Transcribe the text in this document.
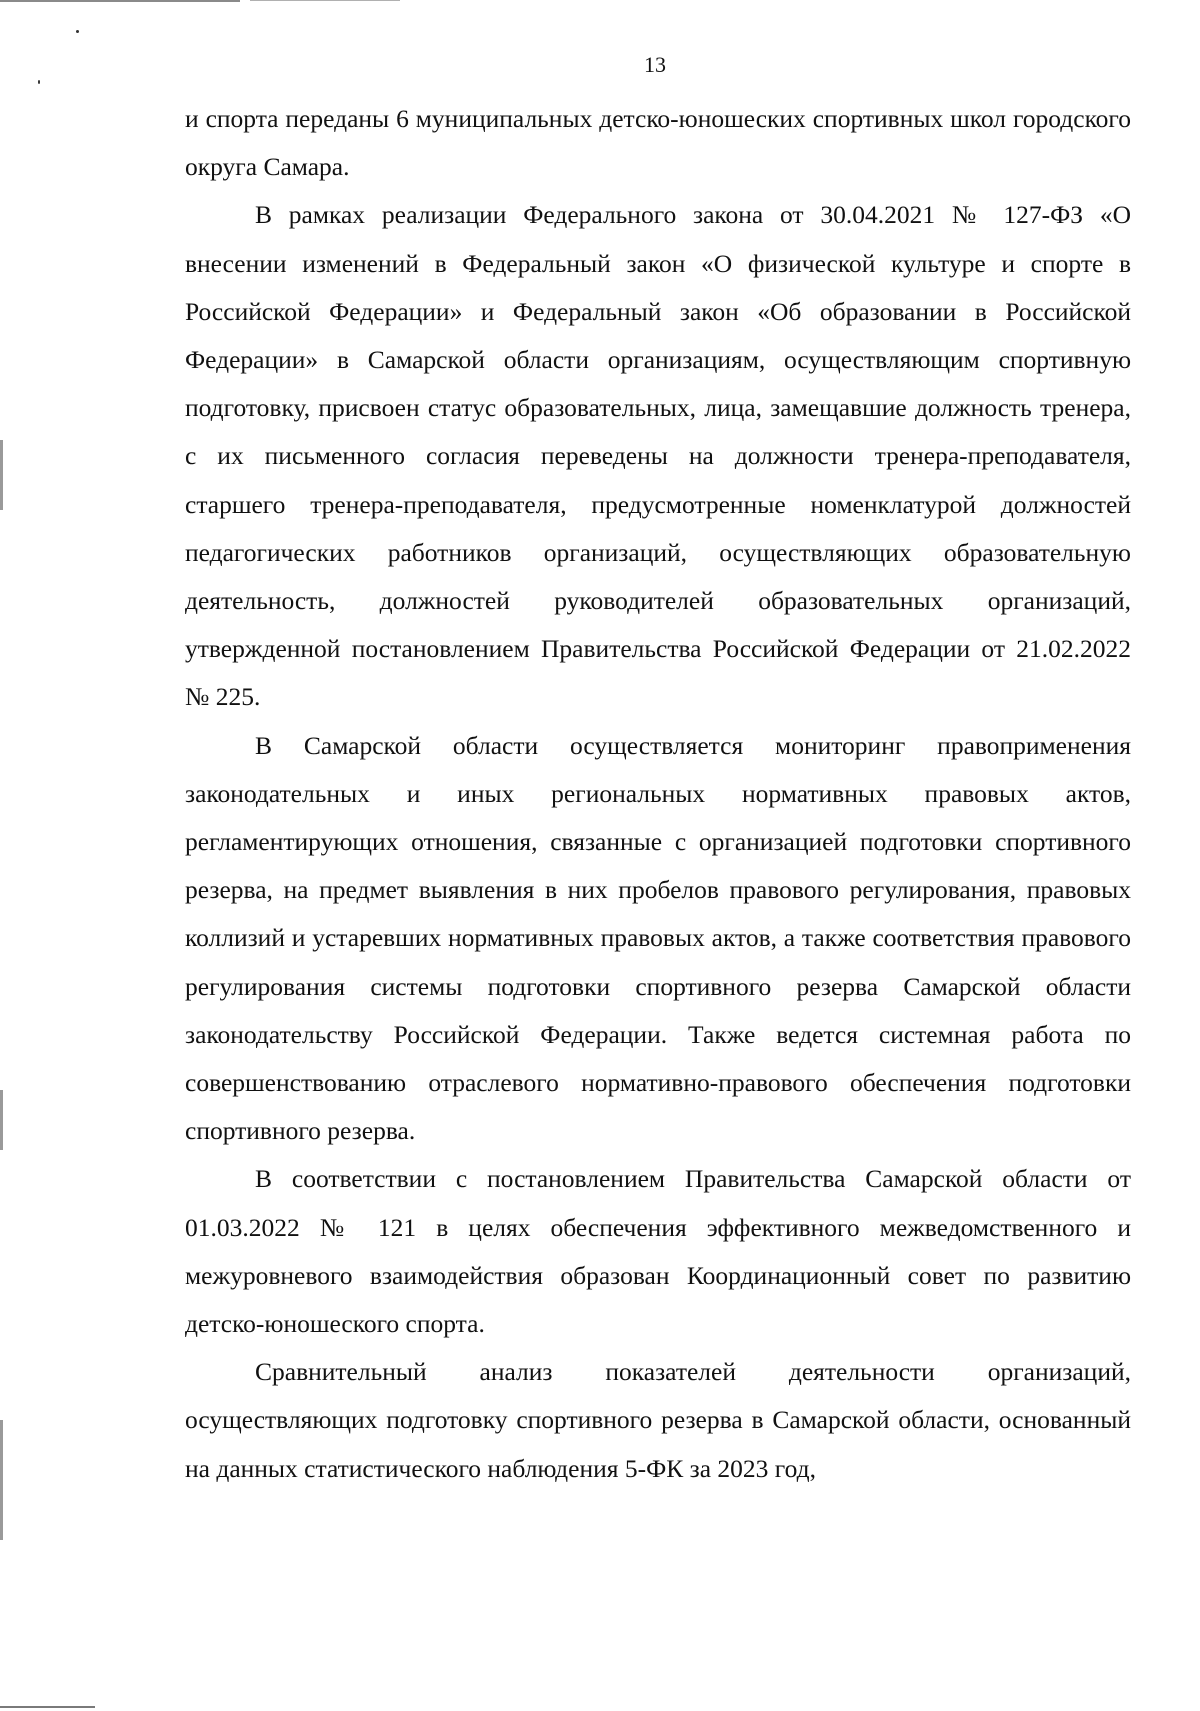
13

и спорта переданы 6 муниципальных детско-юношеских спортивных школ городского округа Самара.

В рамках реализации Федерального закона от 30.04.2021 № 127-ФЗ «О внесении изменений в Федеральный закон «О физической культуре и спорте в Российской Федерации» и Федеральный закон «Об образовании в Российской Федерации» в Самарской области организациям, осуществляющим спортивную подготовку, присвоен статус образовательных, лица, замещавшие должность тренера, с их письменного согласия переведены на должности тренера-преподавателя, старшего тренера-преподавателя, предусмотренные номенклатурой должностей педагогических работников организаций, осуществляющих образовательную деятельность, должностей руководителей образовательных организаций, утвержденной постановлением Правительства Российской Федерации от 21.02.2022 № 225.

В Самарской области осуществляется мониторинг правоприменения законодательных и иных региональных нормативных правовых актов, регламентирующих отношения, связанные с организацией подготовки спортивного резерва, на предмет выявления в них пробелов правового регулирования, правовых коллизий и устаревших нормативных правовых актов, а также соответствия правового регулирования системы подготовки спортивного резерва Самарской области законодательству Российской Федерации. Также ведется системная работа по совершенствованию отраслевого нормативно-правового обеспечения подготовки спортивного резерва.

В соответствии с постановлением Правительства Самарской области от 01.03.2022 № 121 в целях обеспечения эффективного межведомственного и межуровневого взаимодействия образован Координационный совет по развитию детско-юношеского спорта.

Сравнительный анализ показателей деятельности организаций, осуществляющих подготовку спортивного резерва в Самарской области, основанный на данных статистического наблюдения 5-ФК за 2023 год,
